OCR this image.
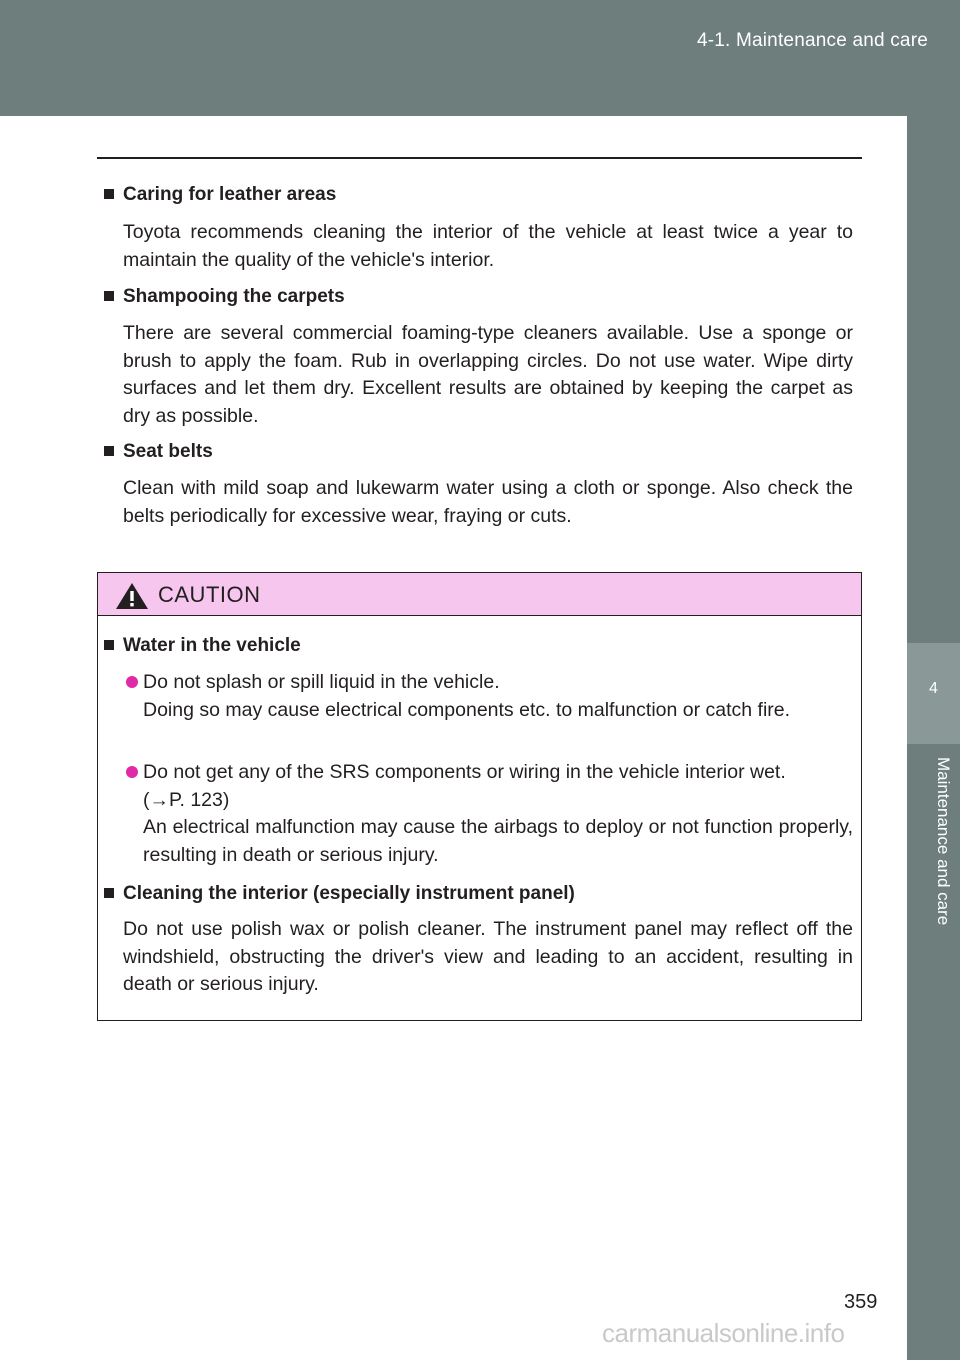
4-1. Maintenance and care
4
Maintenance and care
Caring for leather areas
Toyota recommends cleaning the interior of the vehicle at least twice a year to maintain the quality of the vehicle's interior.
Shampooing the carpets
There are several commercial foaming-type cleaners available. Use a sponge or brush to apply the foam. Rub in overlapping circles. Do not use water. Wipe dirty surfaces and let them dry. Excellent results are obtained by keeping the carpet as dry as possible.
Seat belts
Clean with mild soap and lukewarm water using a cloth or sponge. Also check the belts periodically for excessive wear, fraying or cuts.
CAUTION
Water in the vehicle
Do not splash or spill liquid in the vehicle.
Doing so may cause electrical components etc. to malfunction or catch fire.
Do not get any of the SRS components or wiring in the vehicle interior wet.
(→P. 123)
An electrical malfunction may cause the airbags to deploy or not function properly, resulting in death or serious injury.
Cleaning the interior (especially instrument panel)
Do not use polish wax or polish cleaner. The instrument panel may reflect off the windshield, obstructing the driver's view and leading to an accident, resulting in death or serious injury.
359
carmanualsonline.info
